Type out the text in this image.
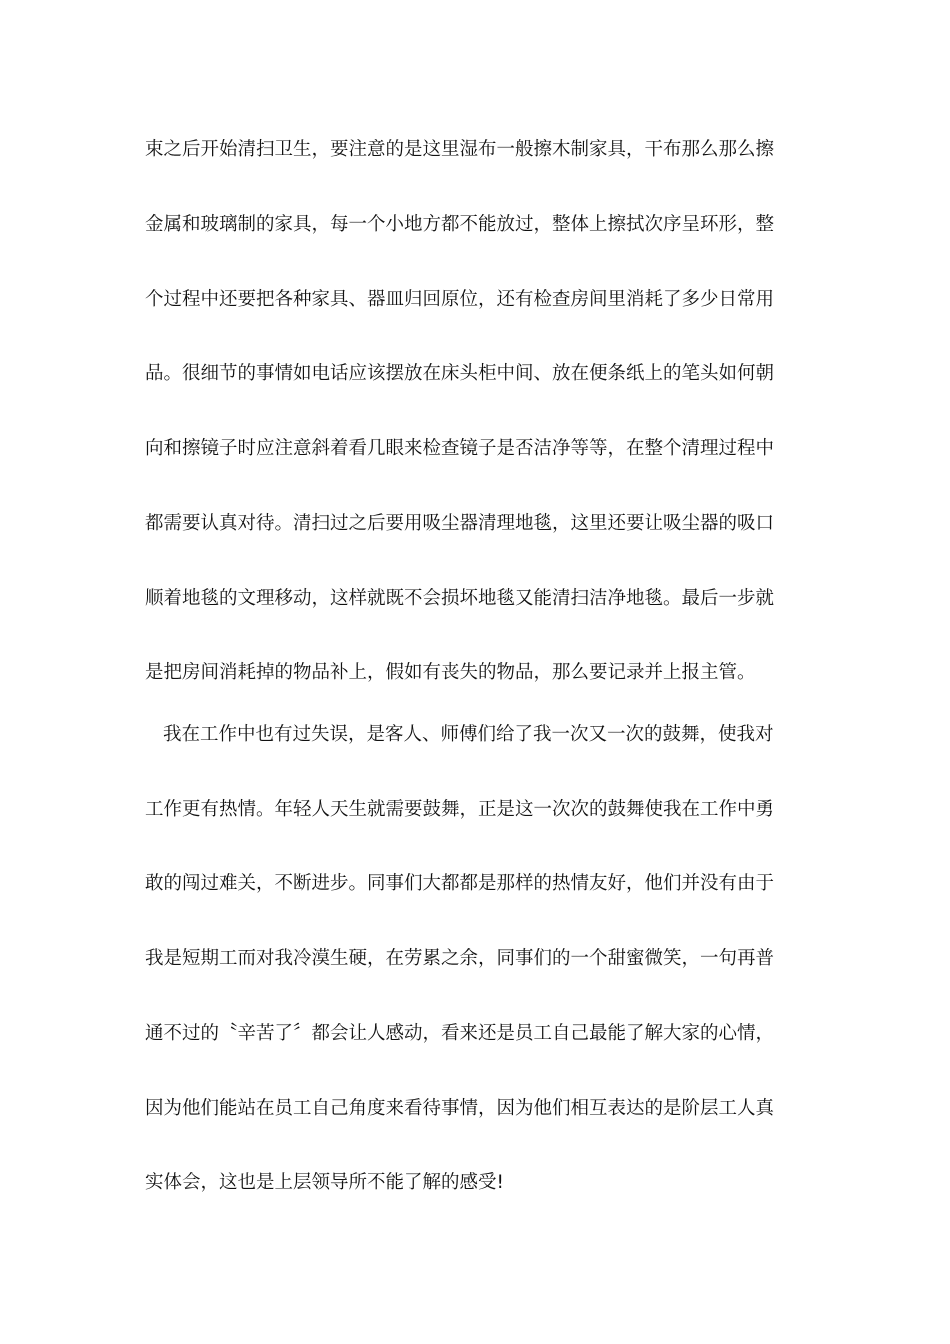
束之后开始清扫卫生，要注意的是这里湿布一般擦木制家具，干布那么那么擦
金属和玻璃制的家具，每一个小地方都不能放过，整体上擦拭次序呈环形，整
个过程中还要把各种家具、器皿归回原位，还有检查房间里消耗了多少日常用
品。很细节的事情如电话应该摆放在床头柜中间、放在便条纸上的笔头如何朝
向和擦镜子时应注意斜着看几眼来检查镜子是否洁净等等，在整个清理过程中
都需要认真对待。清扫过之后要用吸尘器清理地毯，这里还要让吸尘器的吸口
顺着地毯的文理移动，这样就既不会损坏地毯又能清扫洁净地毯。最后一步就
是把房间消耗掉的物品补上，假如有丧失的物品，那么要记录并上报主管。
我在工作中也有过失误，是客人、师傅们给了我一次又一次的鼓舞，使我对
工作更有热情。年轻人天生就需要鼓舞，正是这一次次的鼓舞使我在工作中勇
敢的闯过难关，不断进步。同事们大都都是那样的热情友好，他们并没有由于
我是短期工而对我冷漠生硬，在劳累之余，同事们的一个甜蜜微笑，一句再普
通不过的〝辛苦了〞都会让人感动，看来还是员工自己最能了解大家的心情，
因为他们能站在员工自己角度来看待事情，因为他们相互表达的是阶层工人真
实体会，这也是上层领导所不能了解的感受!
